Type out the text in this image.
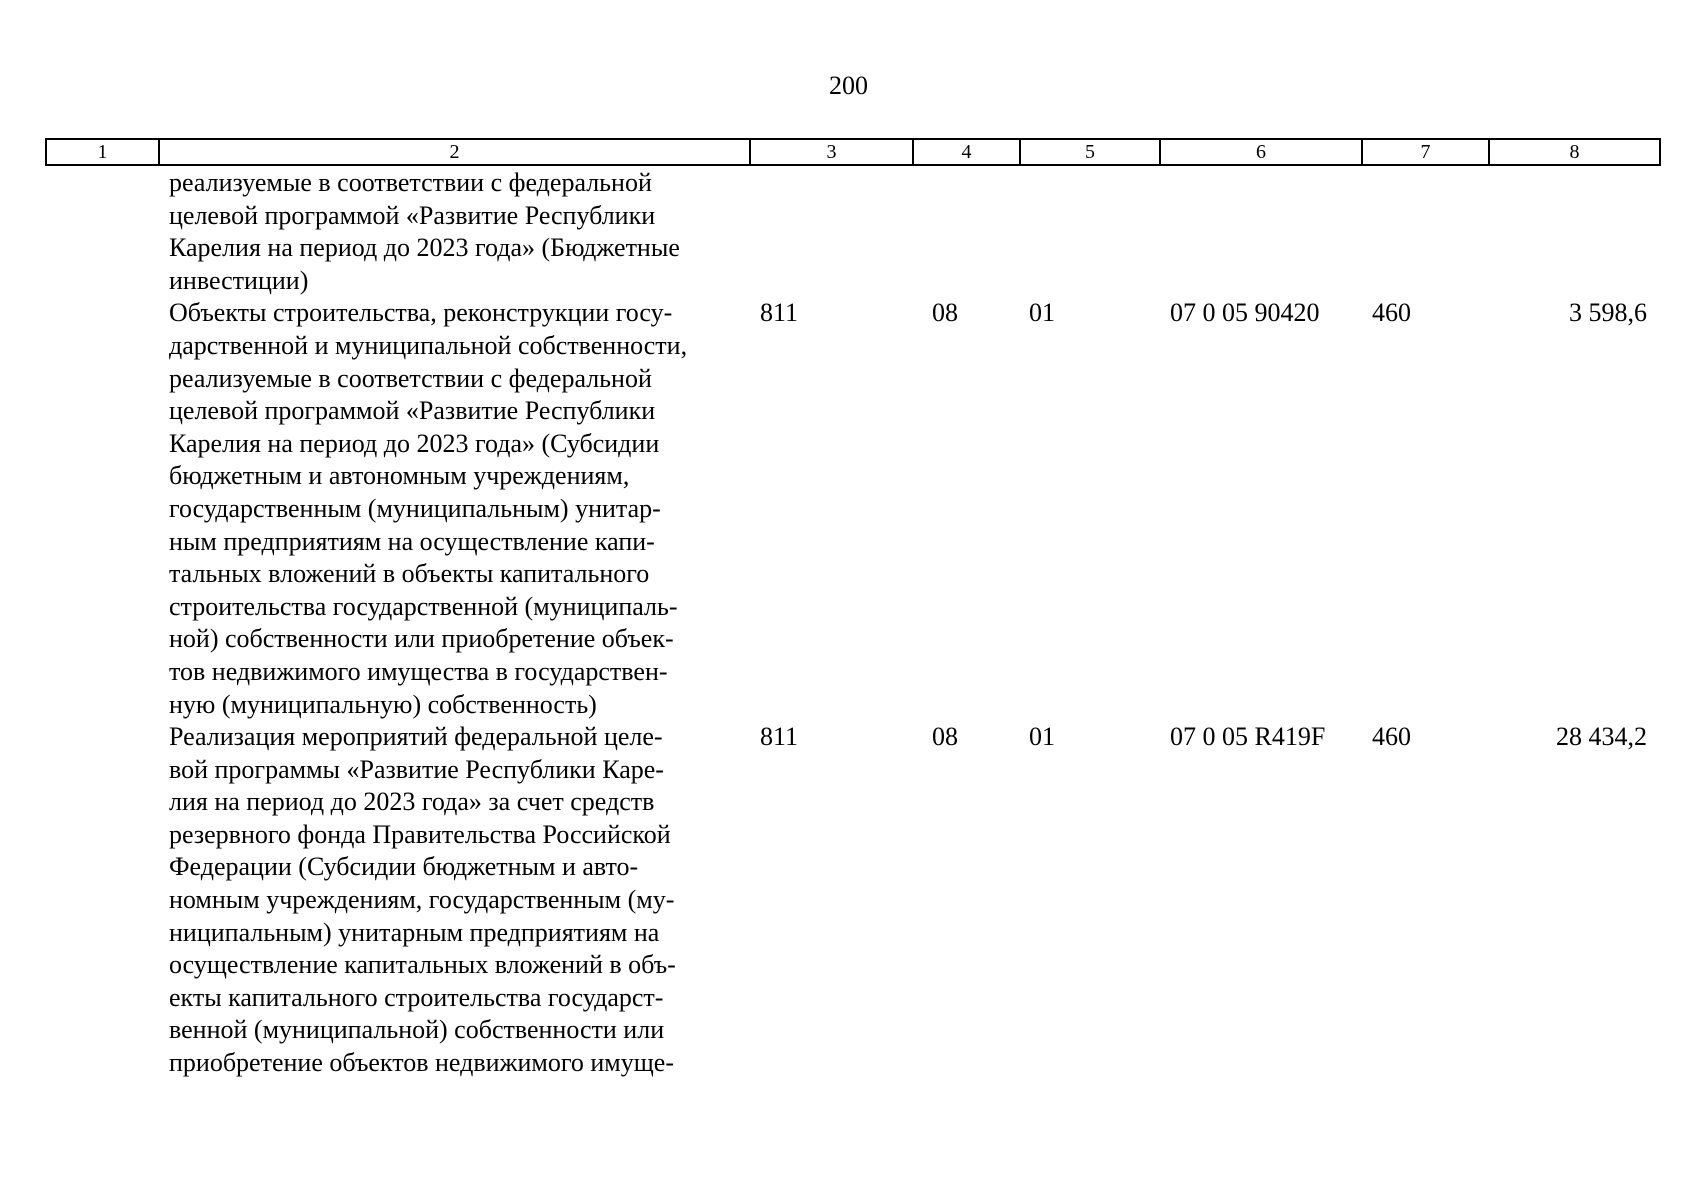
200
1	2	3	4	5	6	7	8
реализуемые в соответствии с федеральной
целевой программой «Развитие Республики
Карелия на период до 2023 года» (Бюджетные
инвестиции)
Объекты строительства, реконструкции госу-
дарственной и муниципальной собственности,
реализуемые в соответствии с федеральной
целевой программой «Развитие Республики
Карелия на период до 2023 года» (Субсидии
бюджетным и автономным учреждениям,
государственным (муниципальным) унитар-
ным предприятиям на осуществление капи-
тальных вложений в объекты капитального
строительства государственной (муниципаль-
ной) собственности или приобретение объек-
тов недвижимого имущества в государствен-
ную (муниципальную) собственность)
811	08	01	07 0 05 90420	460	3 598,6
Реализация мероприятий федеральной целе-
вой программы «Развитие Республики Каре-
лия на период до 2023 года» за счет средств
резервного фонда Правительства Российской
Федерации (Субсидии бюджетным и авто-
номным учреждениям, государственным (му-
ниципальным) унитарным предприятиям на
осуществление капитальных вложений в объ-
екты капитального строительства государст-
венной (муниципальной) собственности или
приобретение объектов недвижимого имуще-
811	08	01	07 0 05 R419F	460	28 434,2
